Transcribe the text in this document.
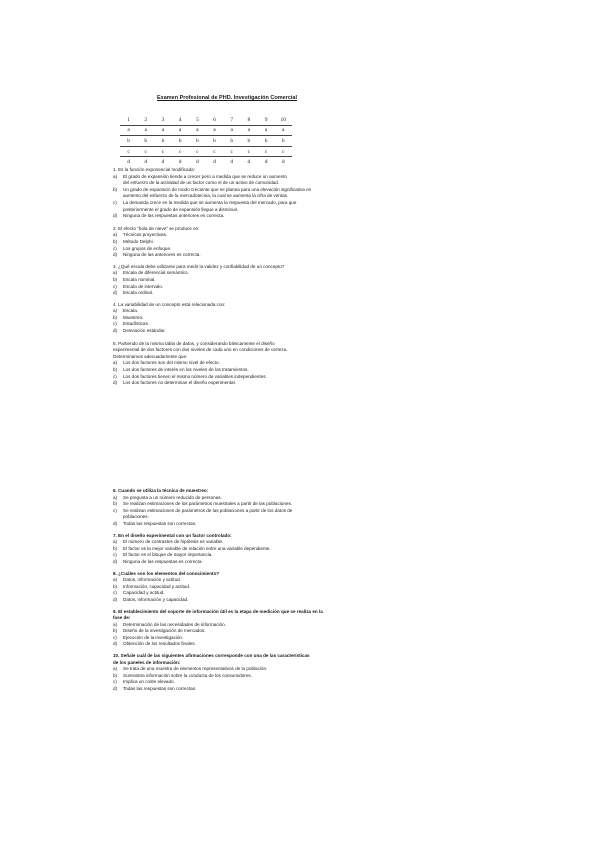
Examen Profesional de PHD. Investigación Comercial
1	2	3	4	5	6	7	8	9	10
a	a	a	a	a	a	a	a	a	a
b	b	b	b	b	b	b	b	b	b
c	c	c	c	c	c	c	c	c	c
d	d	d	d	d	d	d	d	d	d
1. Es la función exponencial modificada:
a) El grado de expansión tiende a crecer pero a medida que se reduce un aumento
del esfuerzo de la actividad de un factor como el de un activo de comunidad.
b) Un grado de expansión de modo creciente que se planea para una elevación significativa en
aumento del esfuerzo de la mercadotecnia, la cual se aumenta la cifra de ventas.
c) La demanda crece en la medida que se aumenta la respuesta del mercado, para que
posteriormente el grado de expansión llegue a disminuir.
d) Ninguna de las respuestas anteriores es correcta.
2. El efecto "bola de nieve" se produce en:
a) Técnicas proyectivas.
b) Método Delphi.
c) Los grupos de enfoque.
d) Ninguna de las anteriores es correcta.
3. ¿Qué escala debe utilizarse para medir la validez y confiabilidad de un concepto?
a) Escala de diferencial semántico.
b) Escala nominal.
c) Escala de intervalo.
d) Escala ordinal.
4. La variabilidad de un concepto está relacionada con:
a) Escala.
b) Muestreo.
c) Estadísticas.
d) Desviación estándar.
5. Partiendo de la misma tabla de datos, y considerando básicamente el diseño
experimental de dos factores con dos niveles de cada uno en condiciones de certeza.
Determinamos adecuadamente que:
a) Los dos factores son del mismo nivel de efecto.
b) Los dos factores de interés en los niveles de los tratamientos.
c) Los dos factores tienen el mismo número de variables independientes.
d) Los dos factores no determinan el diseño experimental.
6. Cuando se utiliza la técnica de muestreo:
a) Se pregunta a un número reducido de personas.
b) Se realizan estimaciones de los parámetros muestrales a partir de las poblaciones.
c) Se realizan estimaciones de parámetros de las poblaciones a partir de los datos de
poblaciones.
d) Todas las respuestas son correctas.
7. En el diseño experimental con un factor controlado:
a) El número de contrastes de hipótesis es variable.
b) El factor es la mejor variable de relación entre una variable dependiente.
c) El factor es el bloque de mayor importancia.
d) Ninguna de las respuestas es correcta.
8. ¿Cuáles son los elementos del conocimiento?
a) Datos, información y actitud.
b) Información, capacidad y actitud.
c) Capacidad y actitud.
d) Datos, información y capacidad.
9. El establecimiento del soporte de información útil es la etapa de medición que se realiza en la
fase de:
a) Determinación de las necesidades de información.
b) Diseño de la investigación de mercados.
c) Ejecución de la investigación.
d) Obtención de los resultados finales.
10. Señale cuál de las siguientes afirmaciones corresponde con una de las características
de los paneles de información:
a) Se trata de una muestra de elementos representativos de la población.
b) Suministra información sobre la conducta de los consumidores.
c) Implica un coste elevado.
d) Todas las respuestas son correctas.
